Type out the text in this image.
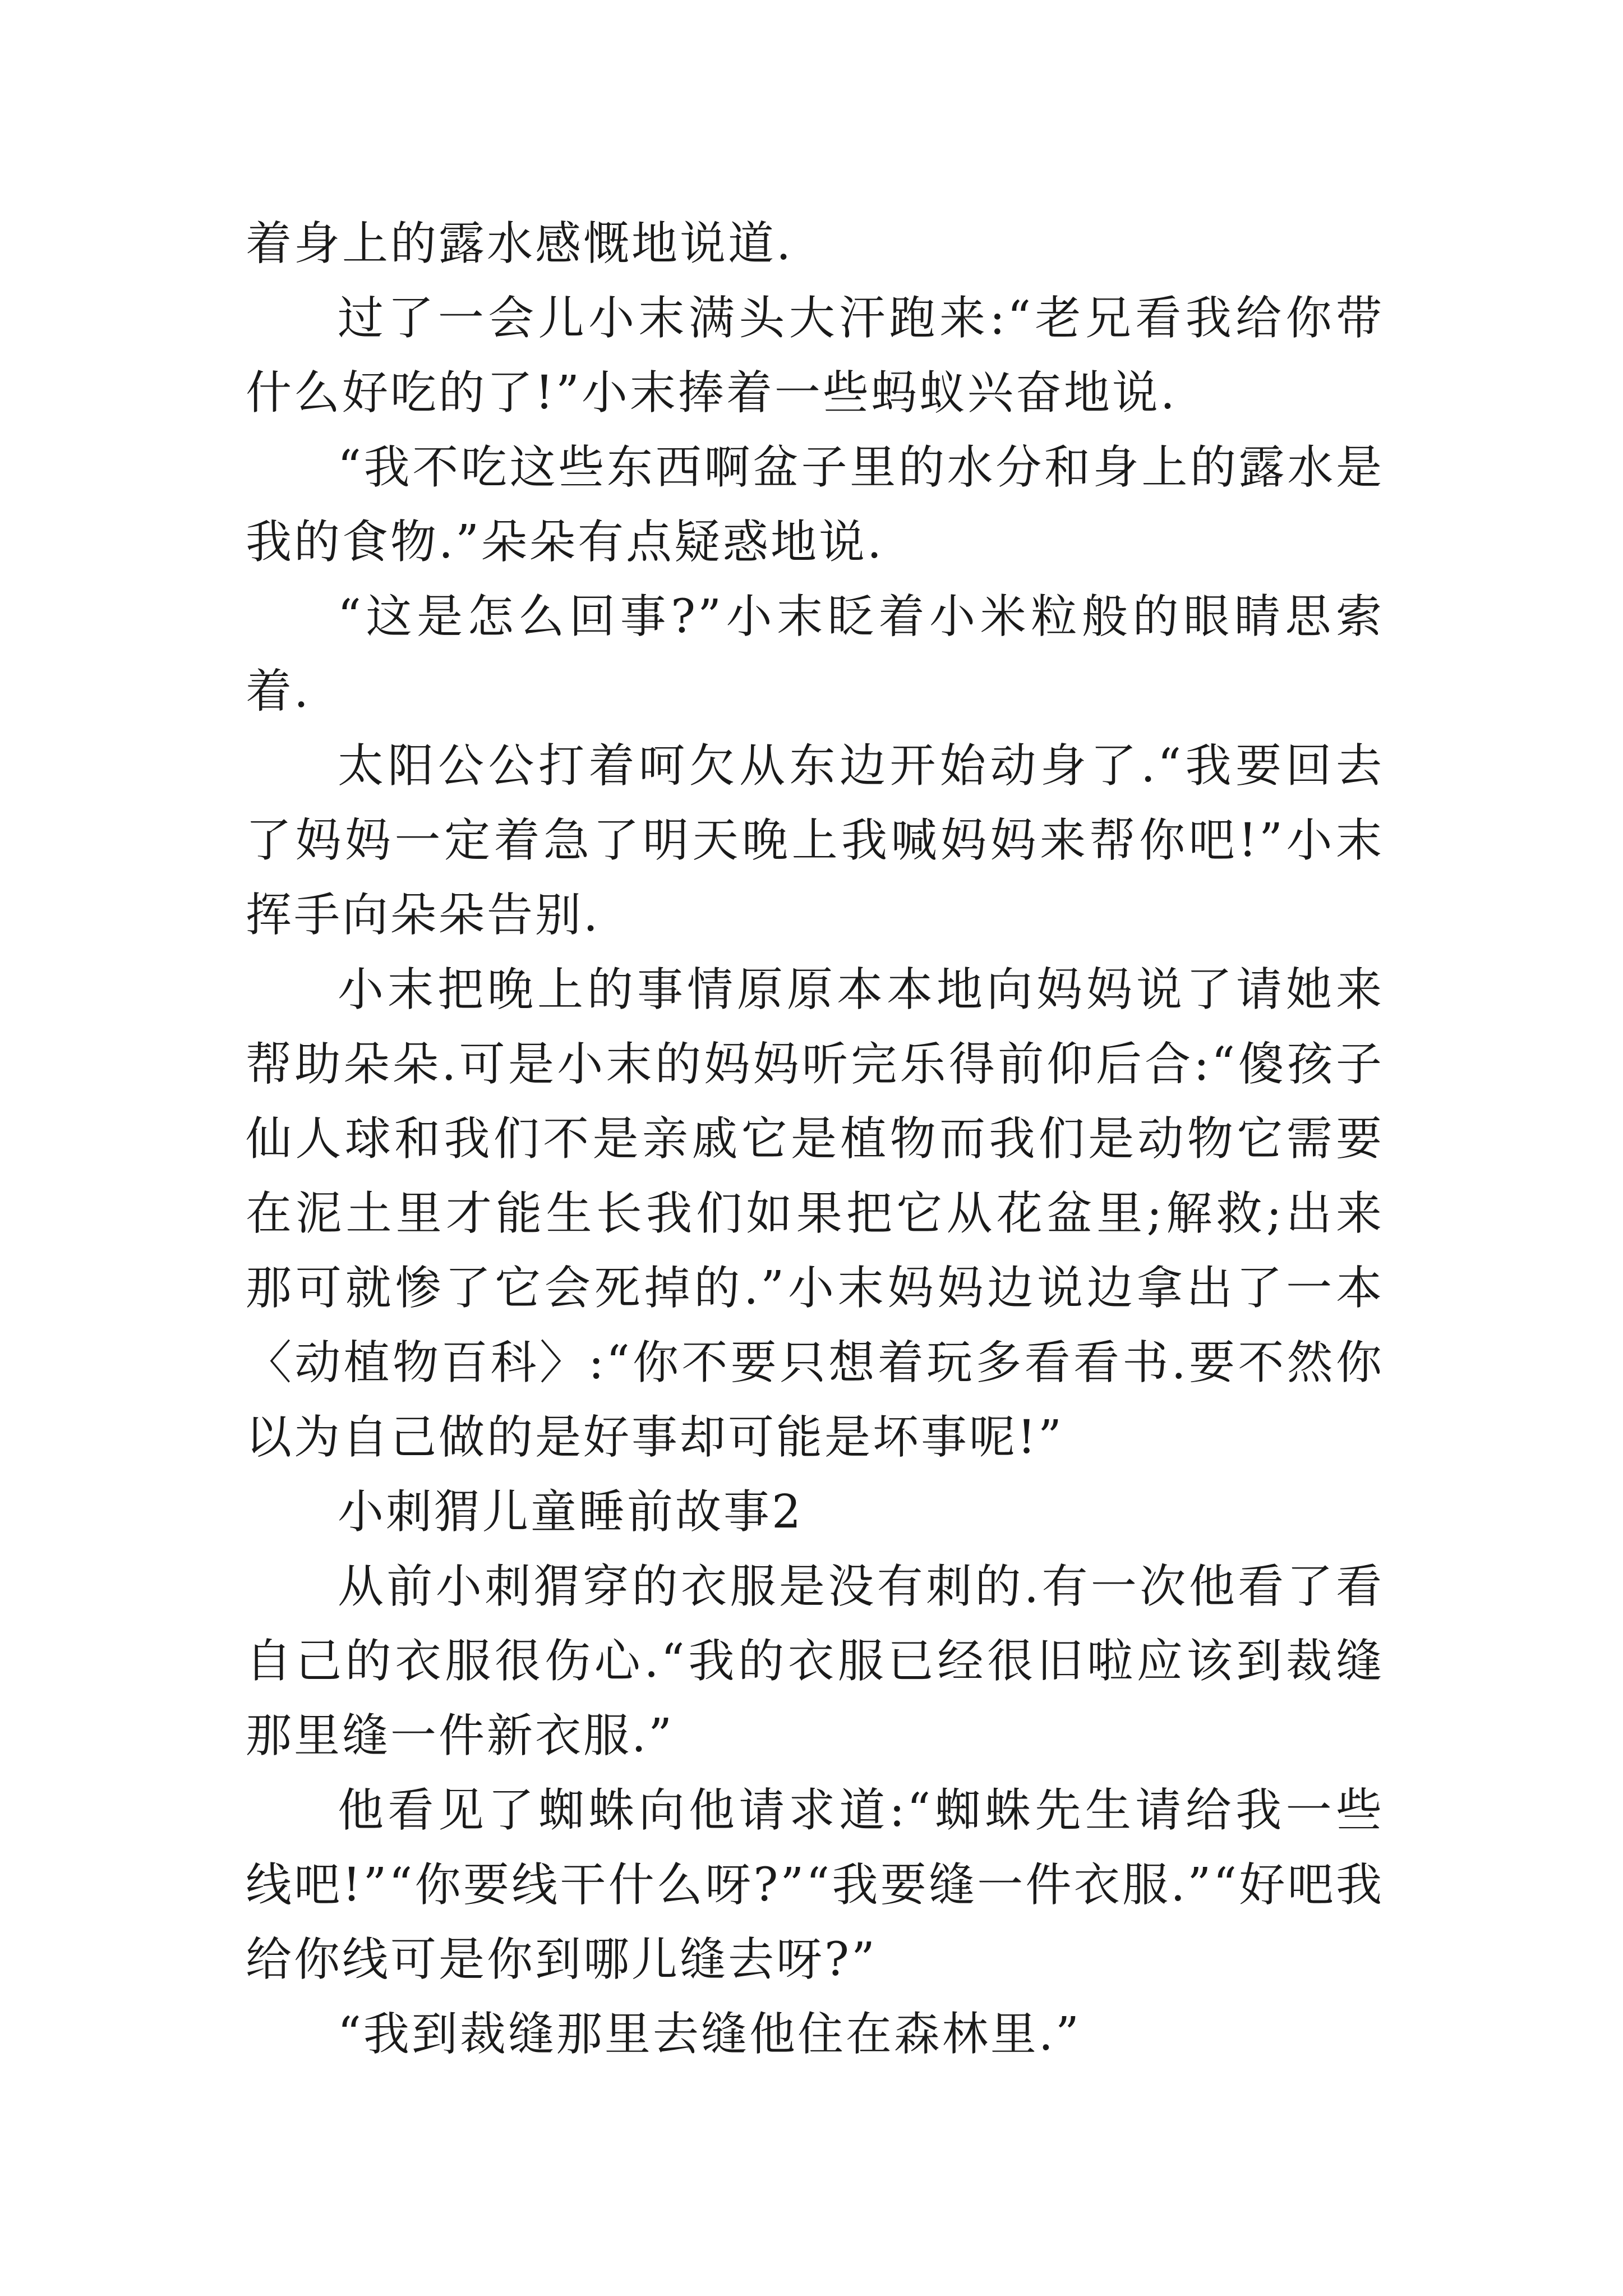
着身上的露水感慨地说道.

过了一会儿小末满头大汗跑来:“老兄看我给你带什么好吃的了!”小末捧着一些蚂蚁兴奋地说.

“我不吃这些东西啊盆子里的水分和身上的露水是我的食物.”朵朵有点疑惑地说.

“这是怎么回事?”小末眨着小米粒般的眼睛思索着.

太阳公公打着呵欠从东边开始动身了.“我要回去了妈妈一定着急了明天晚上我喊妈妈来帮你吧!”小末挥手向朵朵告别.

小末把晚上的事情原原本本地向妈妈说了请她来帮助朵朵.可是小末的妈妈听完乐得前仰后合:“傻孩子仙人球和我们不是亲戚它是植物而我们是动物它需要在泥土里才能生长我们如果把它从花盆里;解救;出来那可就惨了它会死掉的.”小末妈妈边说边拿出了一本〈动植物百科〉:“你不要只想着玩多看看书.要不然你以为自己做的是好事却可能是坏事呢!”

小刺猬儿童睡前故事2

从前小刺猬穿的衣服是没有刺的.有一次他看了看自己的衣服很伤心.“我的衣服已经很旧啦应该到裁缝那里缝一件新衣服.”

他看见了蜘蛛向他请求道:“蜘蛛先生请给我一些线吧!”“你要线干什么呀?”“我要缝一件衣服.”“好吧我给你线可是你到哪儿缝去呀?”

“我到裁缝那里去缝他住在森林里.”
